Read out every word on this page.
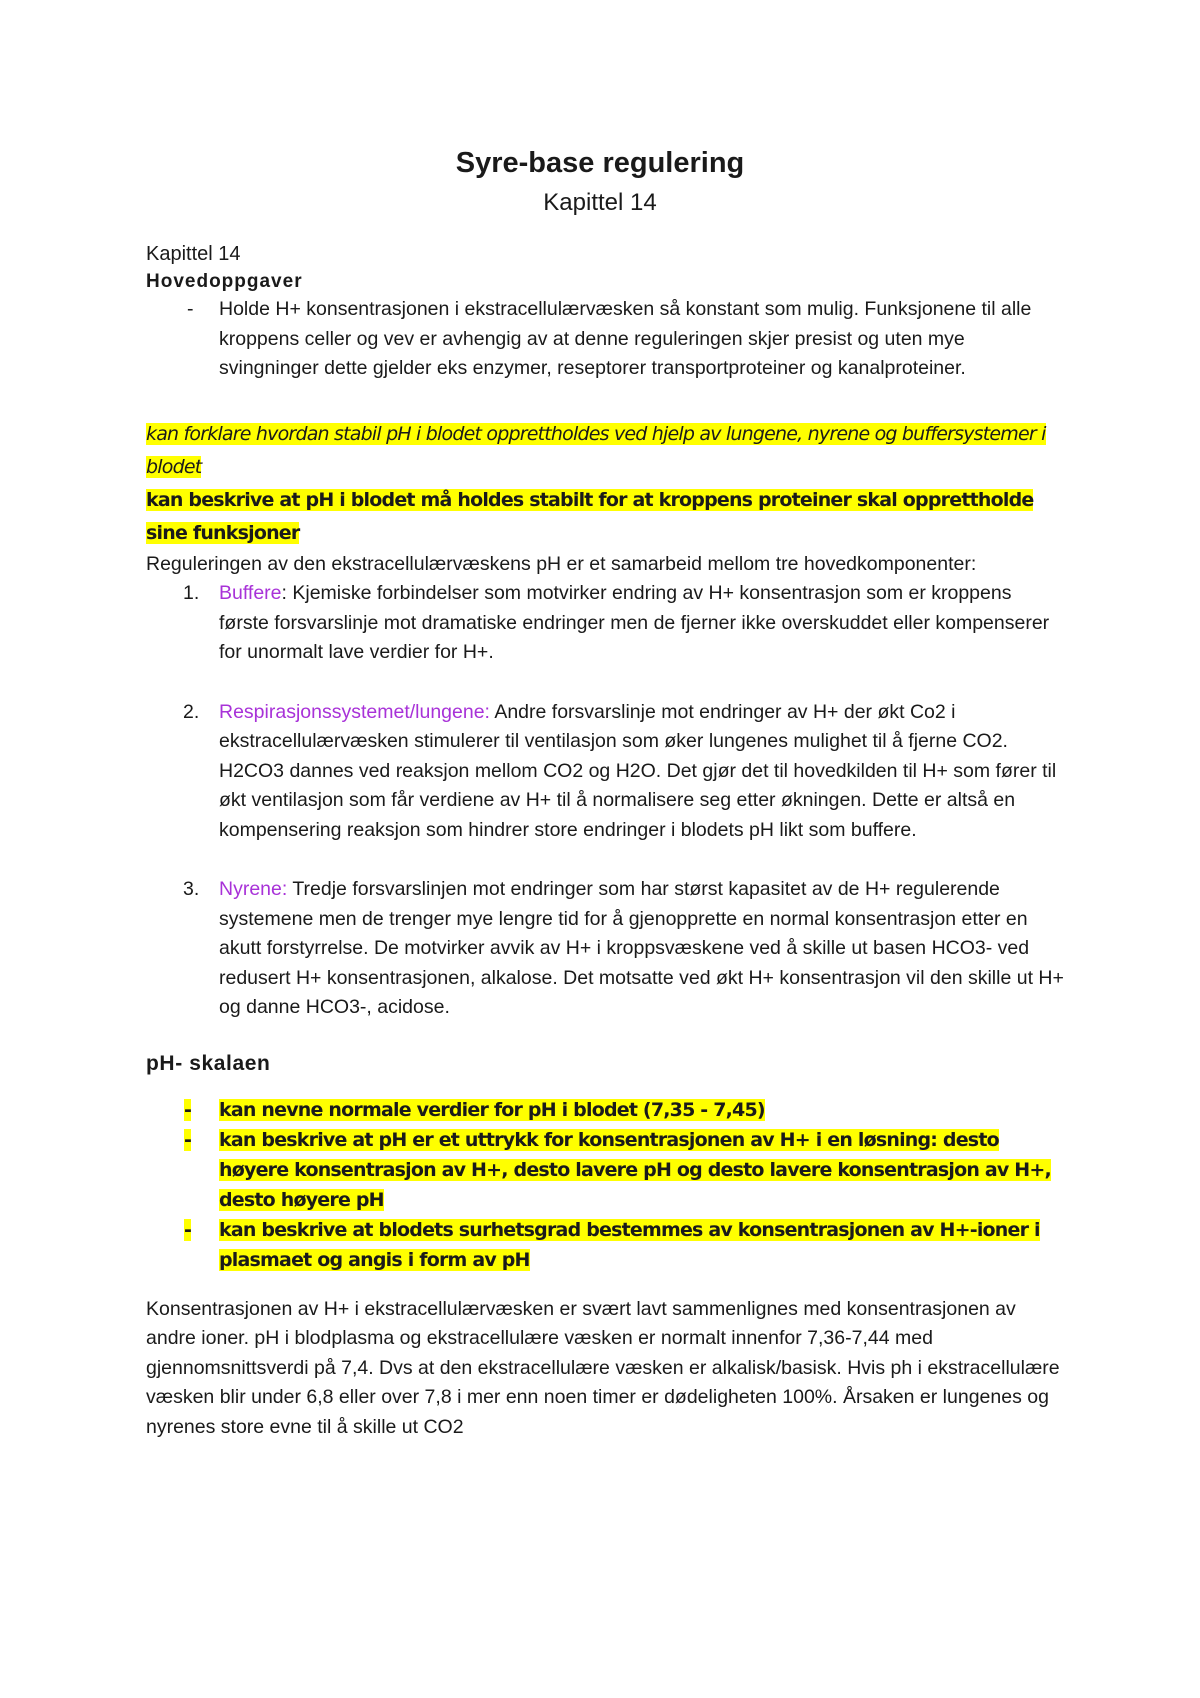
Syre-base regulering
Kapittel 14
Kapittel 14
Hovedoppgaver
-	Holde H+ konsentrasjonen i ekstracellulærvæsken så konstant som mulig. Funksjonene til alle kroppens celler og vev er avhengig av at denne reguleringen skjer presist og uten mye svingninger dette gjelder eks enzymer, reseptorer transportproteiner og kanalproteiner.
kan forklare hvordan stabil pH i blodet opprettholdes ved hjelp av lungene, nyrene og buffersystemer i blodet
kan beskrive at pH i blodet må holdes stabilt for at kroppens proteiner skal opprettholde sine funksjoner
Reguleringen av den ekstracellulærvæskens pH er et samarbeid mellom tre hovedkomponenter:
1.	Buffere: Kjemiske forbindelser som motvirker endring av H+ konsentrasjon som er kroppens første forsvarslinje mot dramatiske endringer men de fjerner ikke overskuddet eller kompenserer for unormalt lave verdier for H+.
2.	Respirasjonssystemet/lungene: Andre forsvarslinje mot endringer av H+ der økt Co2 i ekstracellulærvæsken stimulerer til ventilasjon som øker lungenes mulighet til å fjerne CO2. H2CO3 dannes ved reaksjon mellom CO2 og H2O. Det gjør det til hovedkilden til H+ som fører til økt ventilasjon som får verdiene av H+ til å normalisere seg etter økningen. Dette er altså en kompensering reaksjon som hindrer store endringer i blodets pH likt som buffere.
3.	Nyrene: Tredje forsvarslinjen mot endringer som har størst kapasitet av de H+ regulerende systemene men de trenger mye lengre tid for å gjenopprette en normal konsentrasjon etter en akutt forstyrrelse. De motvirker avvik av H+ i kroppsvæskene ved å skille ut basen HCO3- ved redusert H+ konsentrasjonen, alkalose. Det motsatte ved økt H+ konsentrasjon vil den skille ut H+ og danne HCO3-, acidose.
pH- skalaen
-	kan nevne normale verdier for pH i blodet (7,35 - 7,45)
-	kan beskrive at pH er et uttrykk for konsentrasjonen av H+ i en løsning: desto høyere konsentrasjon av H+, desto lavere pH og desto lavere konsentrasjon av H+, desto høyere pH
-	kan beskrive at blodets surhetsgrad bestemmes av konsentrasjonen av H+-ioner i plasmaet og angis i form av pH
Konsentrasjonen av H+ i ekstracellulærvæsken er svært lavt sammenlignes med konsentrasjonen av andre ioner. pH i blodplasma og ekstracellulære væsken er normalt innenfor 7,36-7,44 med gjennomsnittsverdi på 7,4. Dvs at den ekstracellulære væsken er alkalisk/basisk. Hvis ph i ekstracellulære væsken blir under 6,8 eller over 7,8 i mer enn noen timer er dødeligheten 100%. Årsaken er lungenes og nyrenes store evne til å skille ut CO2
